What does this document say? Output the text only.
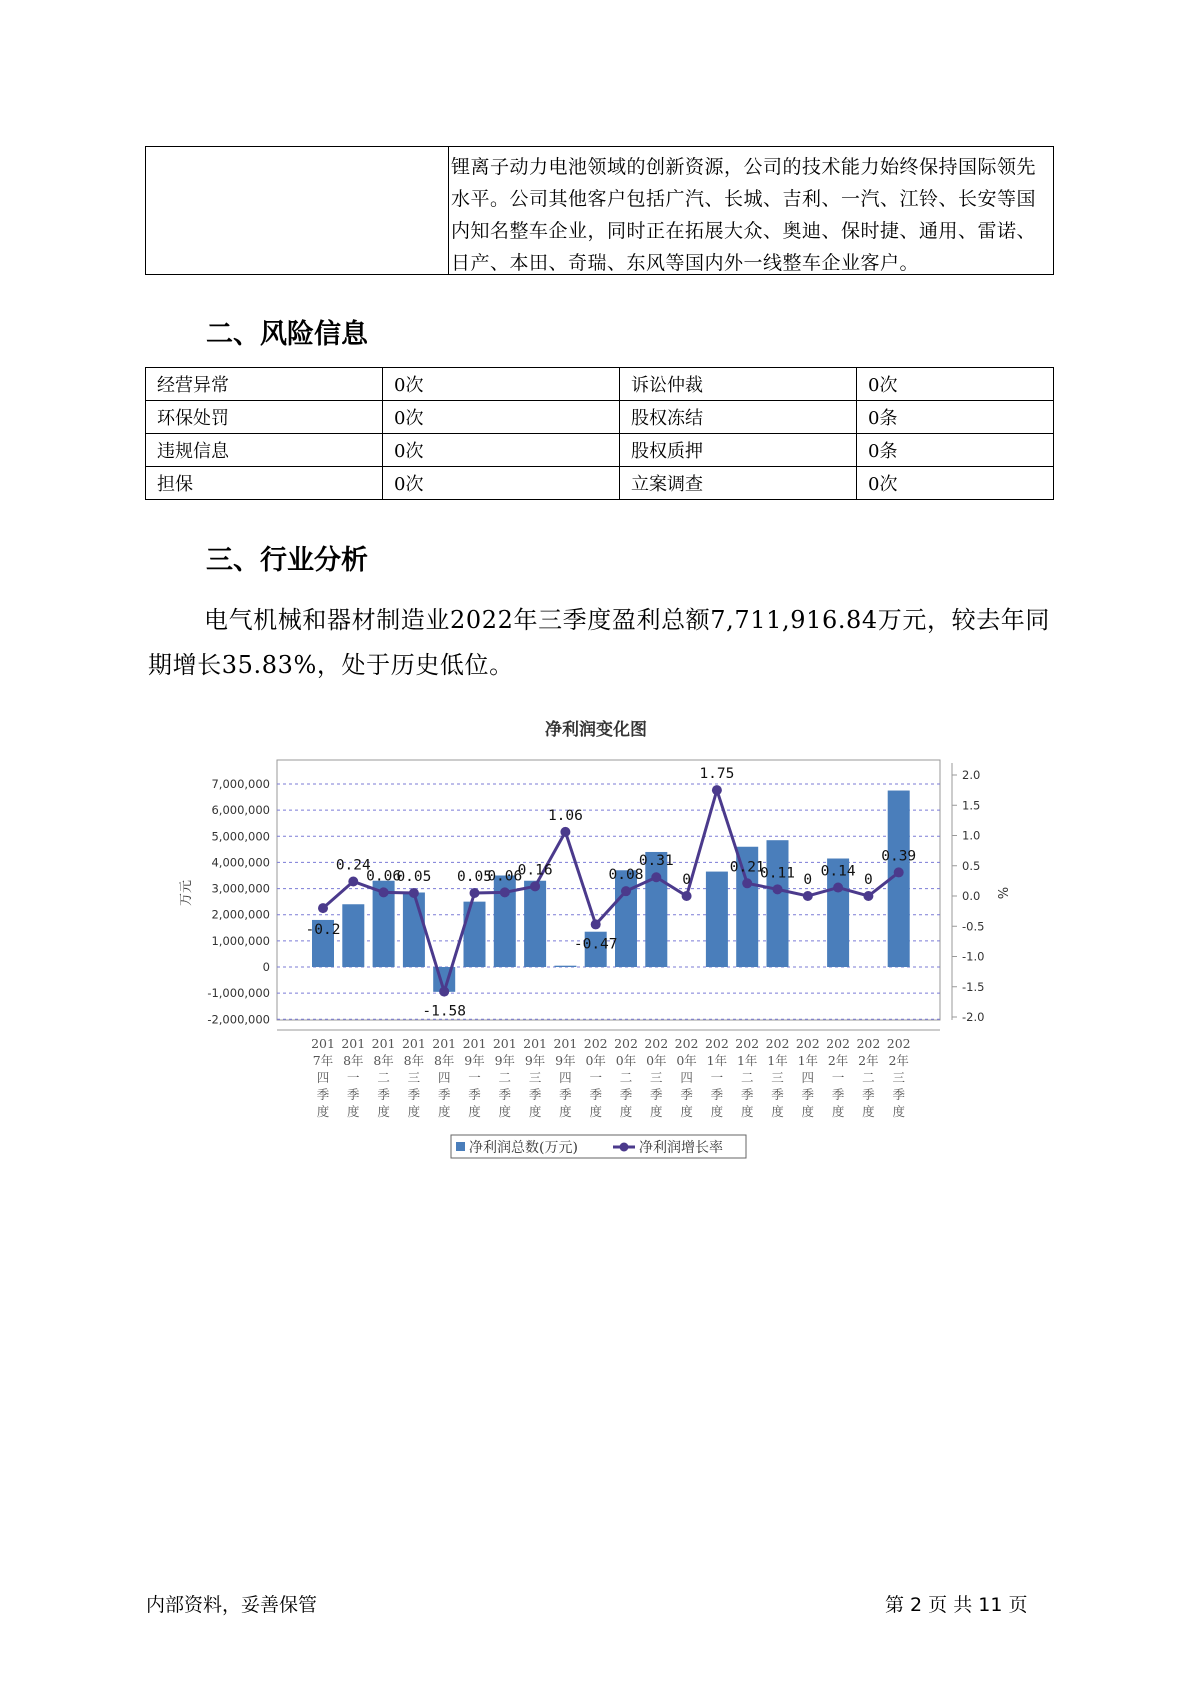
锂离子动力电池领域的创新资源，公司的技术能力始终保持国际领先
水平。公司其他客户包括广汽、长城、吉利、一汽、江铃、长安等国
内知名整车企业，同时正在拓展大众、奥迪、保时捷、通用、雷诺、
日产、本田、奇瑞、东风等国内外一线整车企业客户。
二、风险信息
经营异常	0次	诉讼仲裁	0次
环保处罚	0次	股权冻结	0条
违规信息	0次	股权质押	0条
担保	0次	立案调查	0次
三、行业分析
电气机械和器材制造业2022年三季度盈利总额7,711,916.84万元，较去年同期增长35.83%，处于历史低位。
净利润变化图
7,000,000
6,000,000
5,000,000
4,000,000
3,000,000
2,000,000
1,000,000
0
-1,000,000
-2,000,000
2.0
1.5
1.0
0.5
0.0
-0.5
-1.0
-1.5
-2.0
万元	%
-0.2
0.24
0.06
0.05
-1.58
0.05
0.06
0.16
1.06
-0.47
0.08
0.31
0
1.75
0.21
0.11 0
0.14
0
0.39
201
7年
四
季
度
201
8年
一
季
度
201
8年
二
季
度
201
8年
三
季
度
201
8年
四
季
度
201
9年
一
季
度
201
9年
二
季
度
201
9年
三
季
度
201
9年
四
季
度
202
0年
一
季
度
202
0年
二
季
度
202
0年
三
季
度
202
0年
四
季
度
202
1年
一
季
度
202
1年
二
季
度
202
1年
三
季
度
202
1年
四
季
度
202
2年
一
季
度
202
2年
二
季
度
202
2年
三
季
度
净利润总数(万元)	净利润增长率
内部资料，妥善保管	第 2 页 共 11 页
